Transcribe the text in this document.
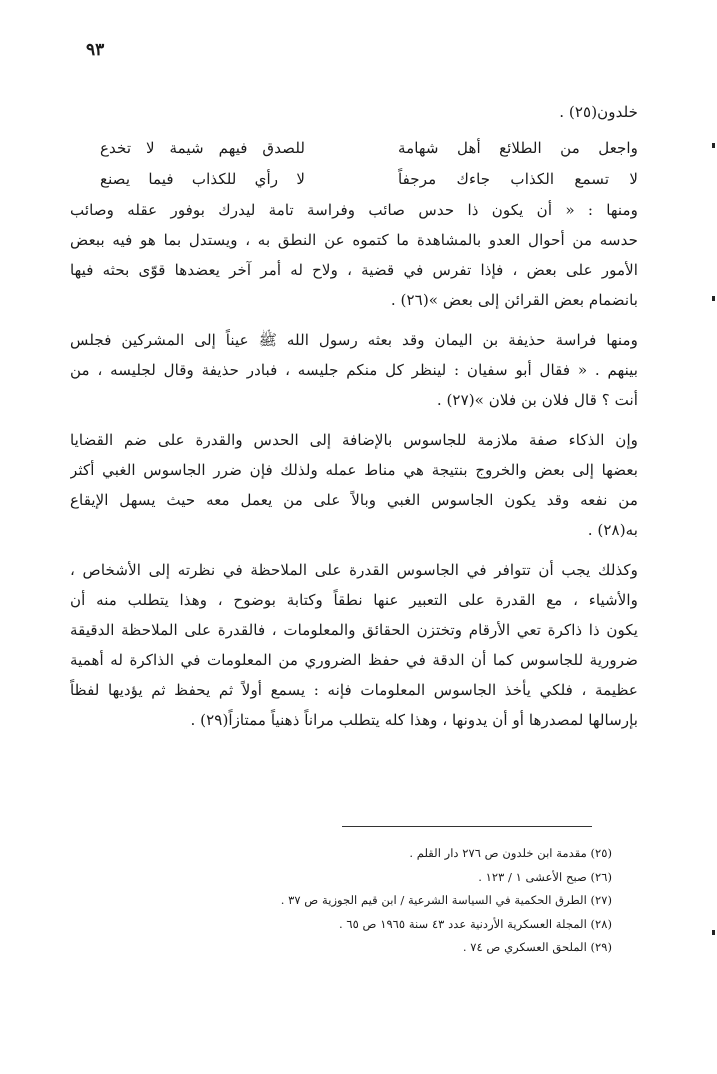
٩٣

خلدون(٢٥) .

واجعل من الطلائع أهل شهامة
للصدق فيهم شيمة لا تخدع
لا تسمع الكذاب جاءك مرجفاً
لا رأي للكذاب فيما يصنع

ومنها : « أن يكون ذا حدس صائب وفراسة تامة ليدرك بوفور عقله وصائب
حدسه من أحوال العدو بالمشاهدة ما كتموه عن النطق به ، ويستدل بما هو فيه ببعض
الأمور على بعض ، فإذا تفرس في قضية ، ولاح له أمر آخر يعضدها قوّى بحثه فيها
بانضمام بعض القرائن إلى بعض »(٢٦) .

ومنها فراسة حذيفة بن اليمان وقد بعثه رسول الله ﷺ عيناً إلى المشركين فجلس
بينهم . « فقال أبو سفيان : لينظر كل منكم جليسه ، فبادر حذيفة وقال لجليسه ، من
أنت ؟ قال فلان بن فلان »(٢٧) .

وإن الذكاء صفة ملازمة للجاسوس بالإضافة إلى الحدس والقدرة على ضم القضايا
بعضها إلى بعض والخروج بنتيجة هي مناط عمله ولذلك فإن ضرر الجاسوس الغبي أكثر
من نفعه وقد يكون الجاسوس الغبي وبالاً على من يعمل معه حيث يسهل الإيقاع
به(٢٨) .

وكذلك يجب أن تتوافر في الجاسوس القدرة على الملاحظة في نظرته إلى الأشخاص ،
والأشياء ، مع القدرة على التعبير عنها نطقاً وكتابة بوضوح ، وهذا يتطلب منه أن
يكون ذا ذاكرة تعي الأرقام وتختزن الحقائق والمعلومات ، فالقدرة على الملاحظة الدقيقة
ضرورية للجاسوس كما أن الدقة في حفظ الضروري من المعلومات في الذاكرة له أهمية
عظيمة ، فلكي يأخذ الجاسوس المعلومات فإنه : يسمع أولاً ثم يحفظ ثم يؤديها لفظاً
بإرسالها لمصدرها أو أن يدونها ، وهذا كله يتطلب مراناً ذهنياً ممتازاً(٢٩) .

(٢٥) مقدمة ابن خلدون ص ٢٧٦ دار القلم .
(٢٦) صبح الأعشى ١ / ١٢٣ .
(٢٧) الطرق الحكمية في السياسة الشرعية / ابن قيم الجوزية ص ٣٧ .
(٢٨) المجلة العسكرية الأردنية عدد ٤٣ سنة ١٩٦٥ ص ٦٥ .
(٢٩) الملحق العسكري ص ٧٤ .
